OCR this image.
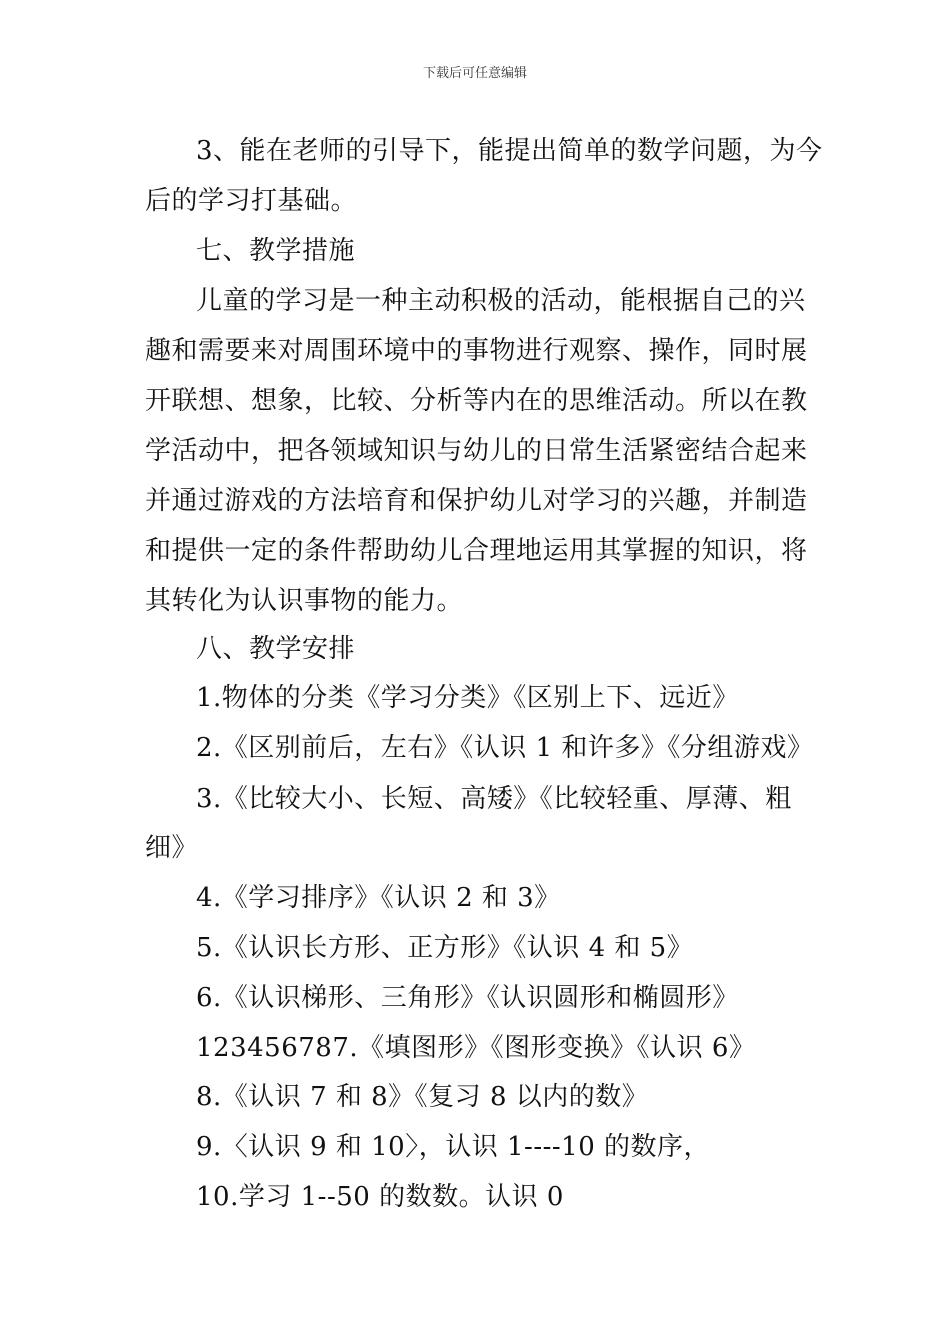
下载后可任意编辑
3、能在老师的引导下，能提出简单的数学问题，为今
后的学习打基础。
七、教学措施
儿童的学习是一种主动积极的活动，能根据自己的兴
趣和需要来对周围环境中的事物进行观察、操作，同时展
开联想、想象，比较、分析等内在的思维活动。所以在教
学活动中，把各领域知识与幼儿的日常生活紧密结合起来
并通过游戏的方法培育和保护幼儿对学习的兴趣，并制造
和提供一定的条件帮助幼儿合理地运用其掌握的知识，将
其转化为认识事物的能力。
八、教学安排
1.物体的分类《学习分类》《区别上下、远近》
2.《区别前后，左右》《认识 1 和许多》《分组游戏》
3.《比较大小、长短、高矮》《比较轻重、厚薄、粗
细》
4.《学习排序》《认识 2 和 3》
5.《认识长方形、正方形》《认识 4 和 5》
6.《认识梯形、三角形》《认识圆形和椭圆形》
123456787.《填图形》《图形变换》《认识 6》
8.《认识 7 和 8》《复习 8 以内的数》
9.〈认识 9 和 10〉，认识 1----10 的数序，
10.学习 1--50 的数数。认识 0
